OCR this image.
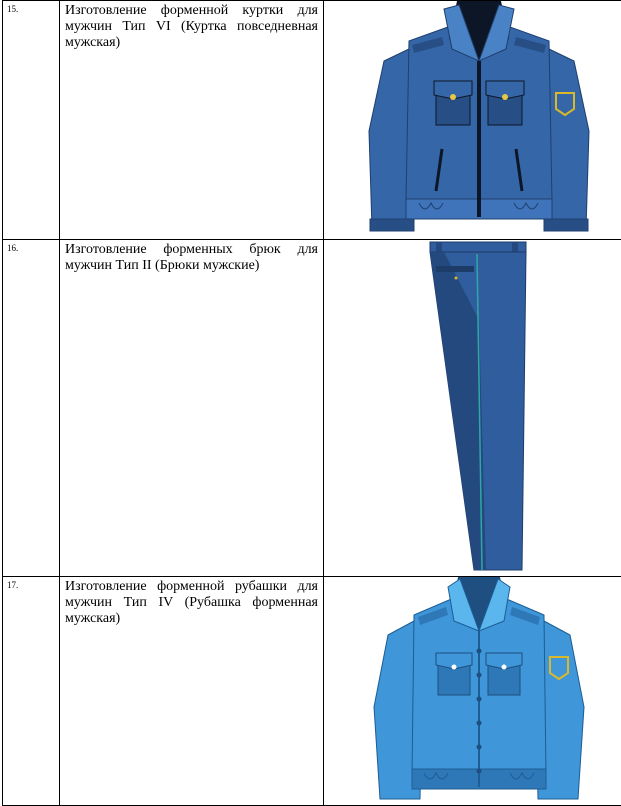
15.	Изготовление форменной куртки для мужчин Тип VI (Куртка повседневная мужская)

16.	Изготовление форменных брюк для мужчин Тип II (Брюки мужские)

17.	Изготовление форменной рубашки для мужчин Тип IV (Рубашка форменная мужская)
